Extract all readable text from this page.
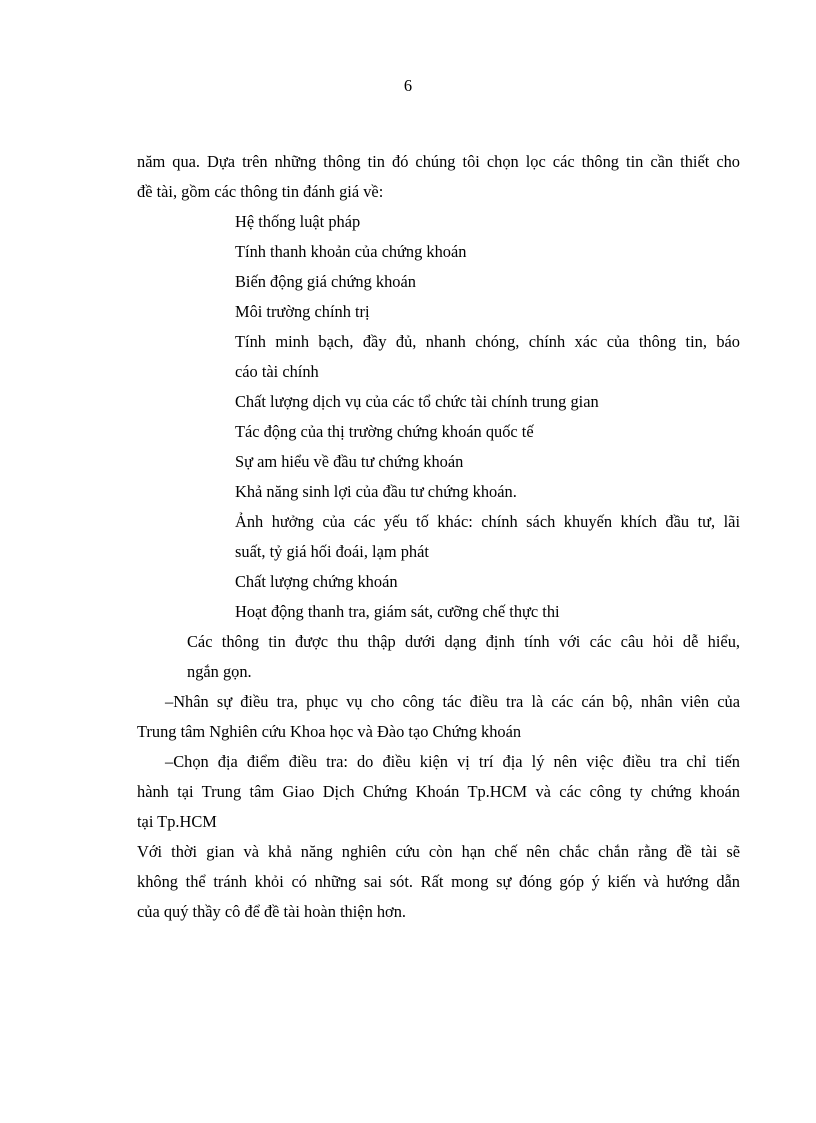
6
năm qua. Dựa trên những thông tin đó chúng tôi chọn lọc các thông tin cần thiết cho
đề tài, gồm các thông tin đánh giá về:
Hệ thống luật pháp
Tính thanh khoản của chứng khoán
Biến động giá chứng khoán
Môi trường chính trị
Tính minh bạch, đầy đủ, nhanh chóng, chính xác của thông tin, báo
cáo tài chính
Chất lượng dịch vụ của các tổ chức tài chính trung gian
Tác động của thị trường chứng khoán quốc tế
Sự am hiểu về đầu tư chứng khoán
Khả năng sinh lợi của đầu tư chứng khoán.
Ảnh hưởng của các yếu tố khác: chính sách khuyến khích đầu tư, lãi
suất, tỷ giá hối đoái, lạm phát
Chất lượng chứng khoán
Hoạt động thanh tra, giám sát, cưỡng chế thực thi
Các thông tin được thu thập dưới dạng định tính với các câu hỏi dễ hiểu,
ngắn gọn.
–Nhân sự điều tra, phục vụ cho công tác điều tra là các cán bộ, nhân viên của
Trung tâm Nghiên cứu Khoa học và Đào tạo Chứng khoán
–Chọn địa điểm điều tra: do điều kiện vị trí địa lý nên việc điều tra chỉ tiến
hành tại Trung tâm Giao Dịch Chứng Khoán Tp.HCM và các công ty chứng khoán
tại Tp.HCM
Với thời gian và khả năng nghiên cứu còn hạn chế nên chắc chắn rằng đề tài sẽ
không thể tránh khỏi có những sai sót. Rất mong sự đóng góp ý kiến và hướng dẫn
của quý thầy cô để đề tài hoàn thiện hơn.
